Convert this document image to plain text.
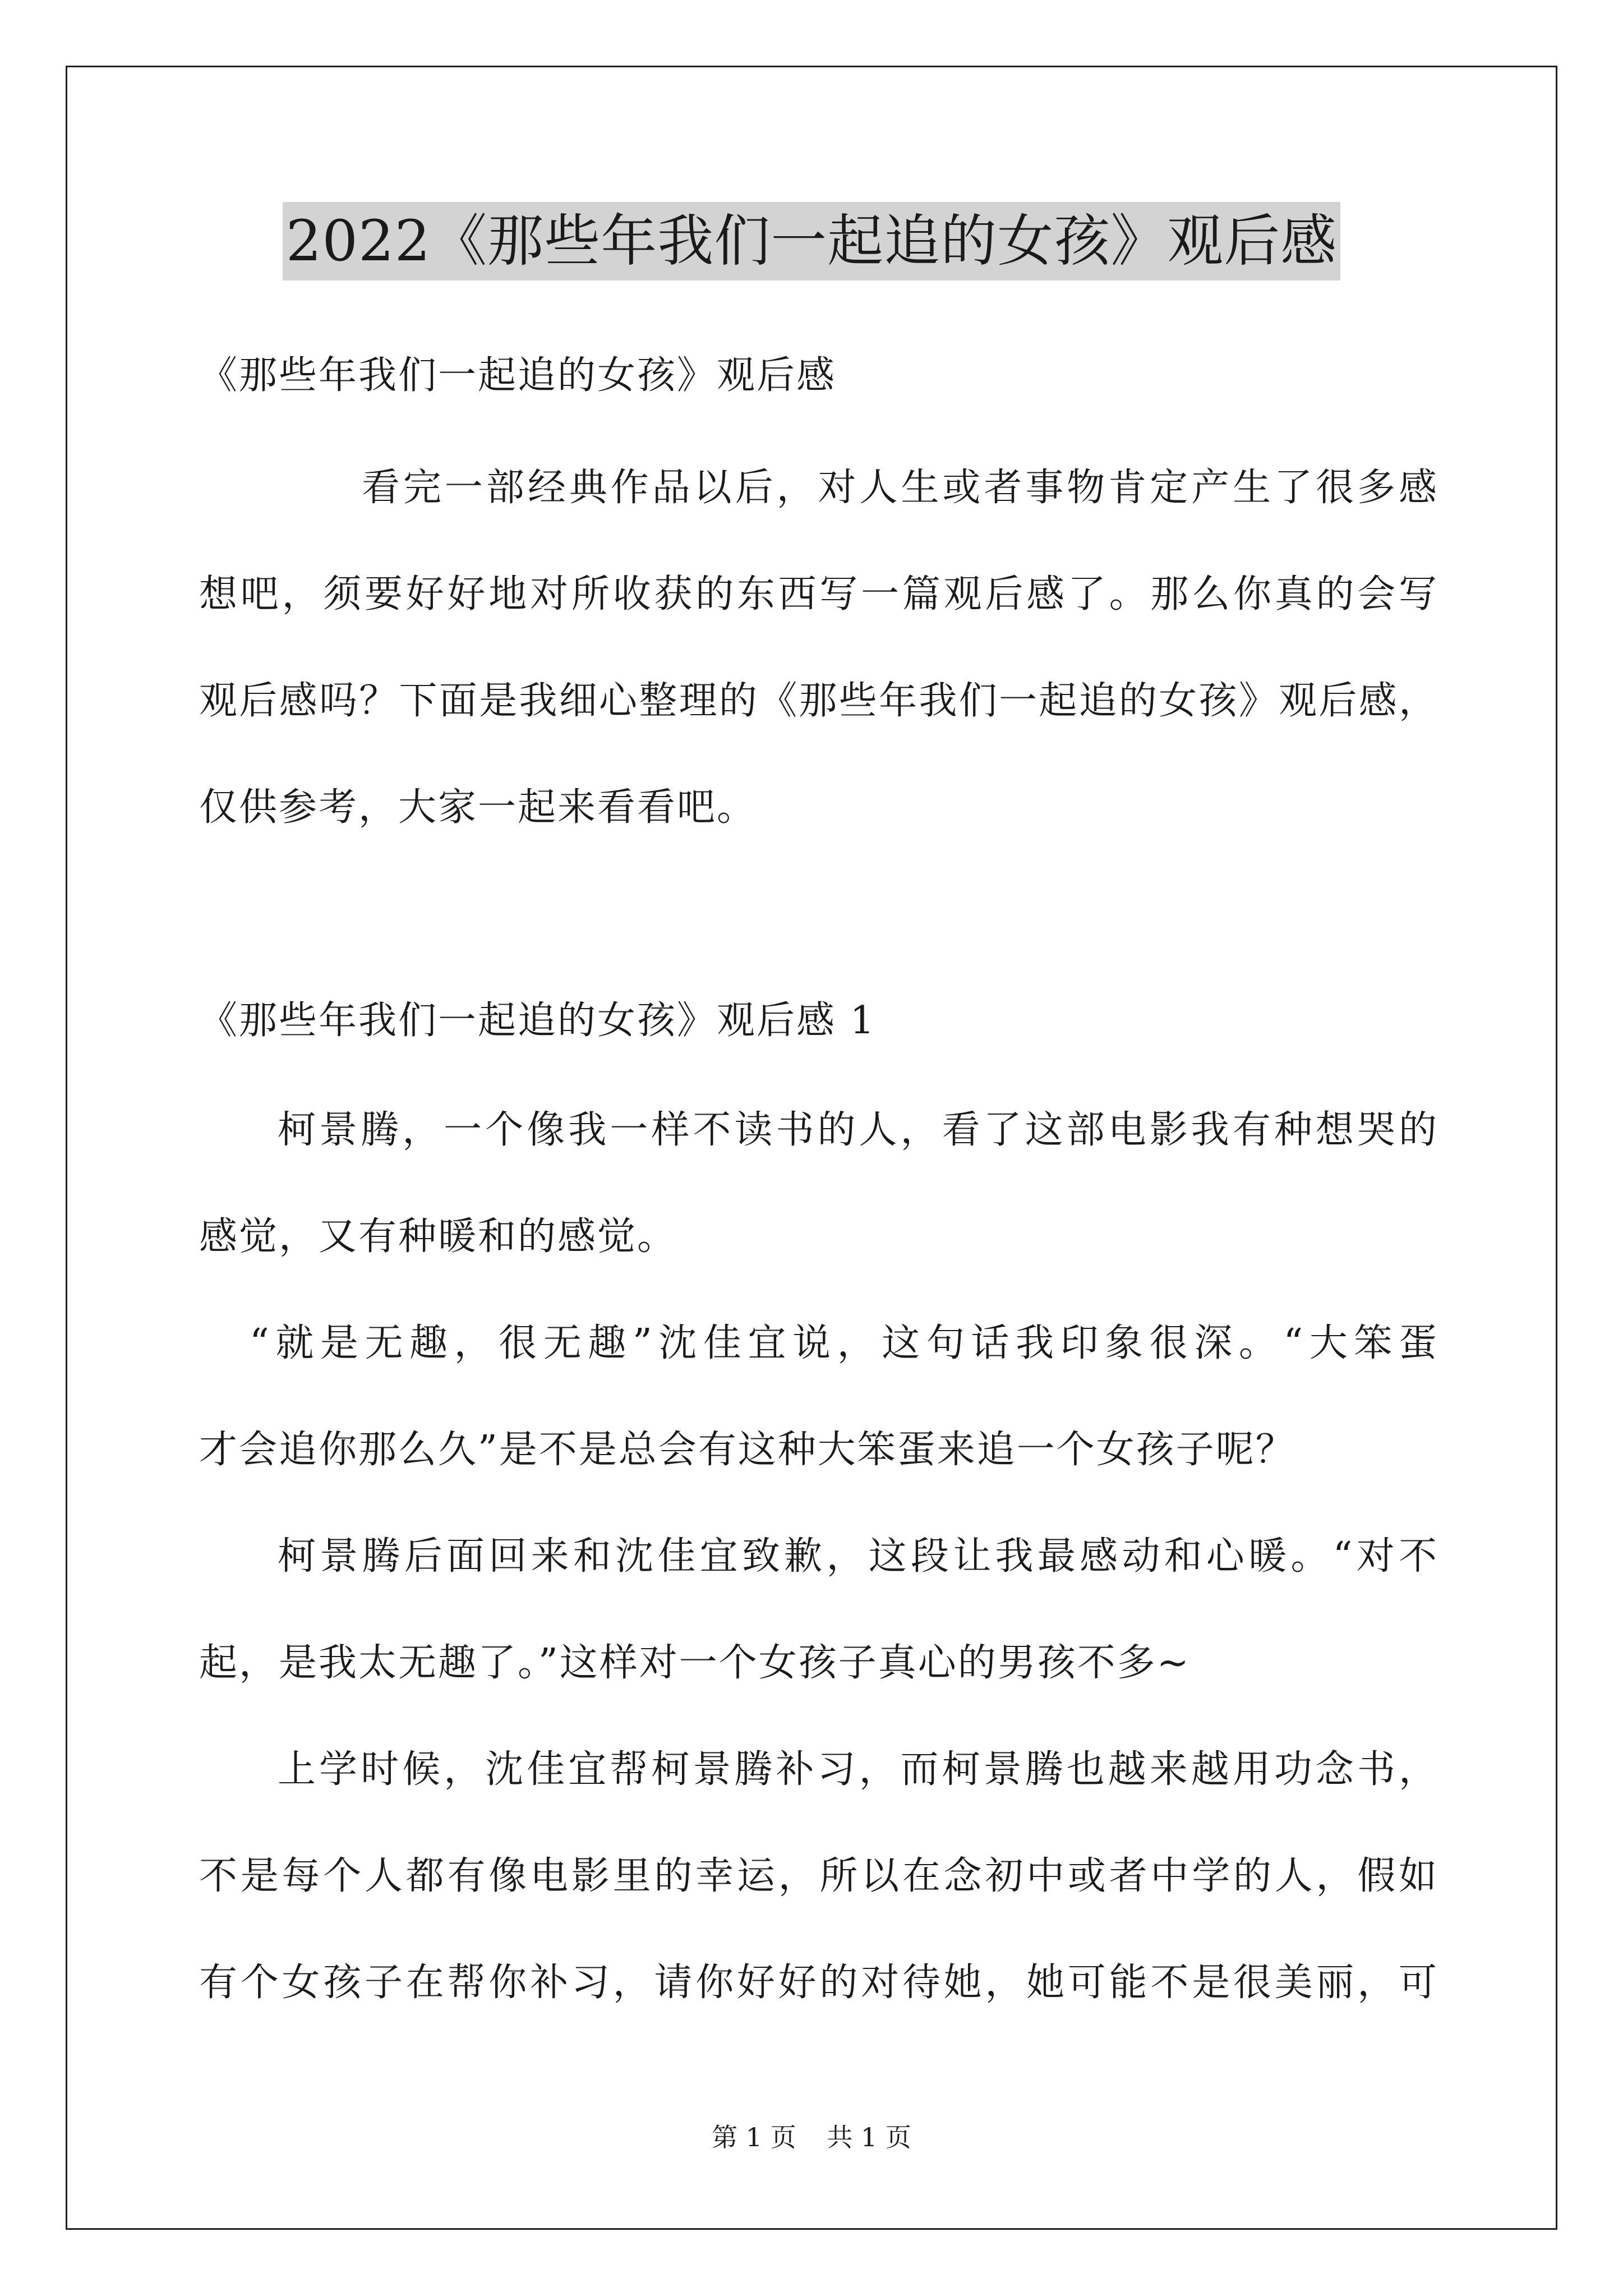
2022《那些年我们一起追的女孩》观后感
《那些年我们一起追的女孩》观后感
看完一部经典作品以后，对人生或者事物肯定产生了很多感
想吧，须要好好地对所收获的东西写一篇观后感了。那么你真的会写
观后感吗？下面是我细心整理的《那些年我们一起追的女孩》观后感，
仅供参考，大家一起来看看吧。
《那些年我们一起追的女孩》观后感 1
柯景腾，一个像我一样不读书的人，看了这部电影我有种想哭的
感觉，又有种暖和的感觉。
“就是无趣，很无趣”沈佳宜说，这句话我印象很深。“大笨蛋
才会追你那么久”是不是总会有这种大笨蛋来追一个女孩子呢？
柯景腾后面回来和沈佳宜致歉，这段让我最感动和心暖。“对不
起，是我太无趣了。”这样对一个女孩子真心的男孩不多~
上学时候，沈佳宜帮柯景腾补习，而柯景腾也越来越用功念书，
不是每个人都有像电影里的幸运，所以在念初中或者中学的人，假如
有个女孩子在帮你补习，请你好好的对待她，她可能不是很美丽，可
第 1 页 共 1 页
